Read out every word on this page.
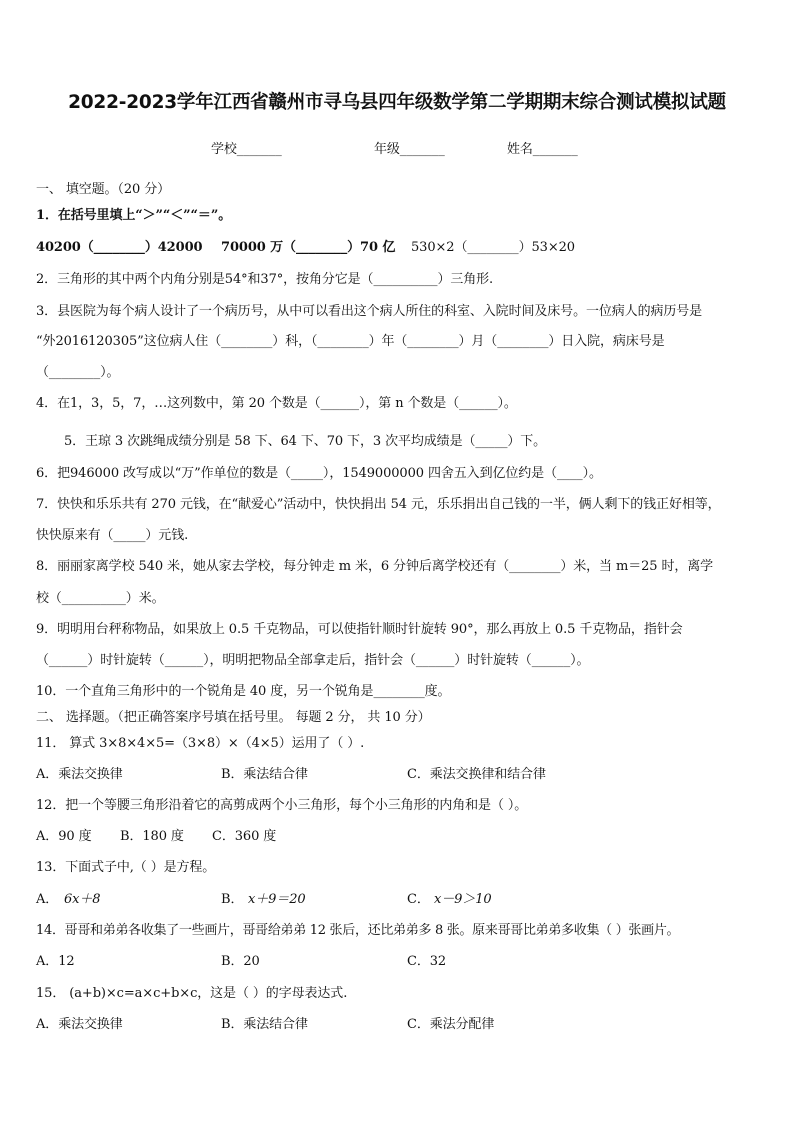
2022-2023学年江西省赣州市寻乌县四年级数学第二学期期末综合测试模拟试题
学校_______	年级_______	姓名_______
一、 填空题。（20 分）
1．在括号里填上“＞”“＜”“＝”。
40200（________）42000 70000 万（________）70 亿 530×2（________）53×20
2．三角形的其中两个内角分别是54°和37°，按角分它是（__________）三角形.
3．县医院为每个病人设计了一个病历号，从中可以看出这个病人所住的科室、入院时间及床号。一位病人的病历号是
“外2016120305”这位病人住（________）科，（________）年（________）月（________）日入院，病床号是
（________）。
4．在1，3，5，7，…这列数中，第 20 个数是（______），第 n 个数是（______）。
5．王琼 3 次跳绳成绩分别是 58 下、64 下、70 下，3 次平均成绩是（_____）下。
6．把946000 改写成以“万”作单位的数是（_____），1549000000 四舍五入到亿位约是（____）。
7．快快和乐乐共有 270 元钱，在“献爱心”活动中，快快捐出 54 元，乐乐捐出自己钱的一半，俩人剩下的钱正好相等，
快快原来有（_____）元钱.
8．丽丽家离学校 540 米，她从家去学校，每分钟走 m 米，6 分钟后离学校还有（________）米，当 m＝25 时，离学
校（__________）米。
9．明明用台秤称物品，如果放上 0.5 千克物品，可以使指针顺时针旋转 90°，那么再放上 0.5 千克物品，指针会
（______）时针旋转（______），明明把物品全部拿走后，指针会（______）时针旋转（______）。
10．一个直角三角形中的一个锐角是 40 度，另一个锐角是________度。
二、 选择题。（把正确答案序号填在括号里。 每题 2 分， 共 10 分）
11． 算式 3×8×4×5=（3×8）×（4×5）运用了（ ）.
A．乘法交换律	B．乘法结合律	C．乘法交换律和结合律
12．把一个等腰三角形沿着它的高剪成两个小三角形，每个小三角形的内角和是（ ）。
A．90 度 B．180 度 C．360 度
13．下面式子中,（ ）是方程。
A． 6x＋8	B． x＋9＝20	C． x－9＞10
14．哥哥和弟弟各收集了一些画片，哥哥给弟弟 12 张后，还比弟弟多 8 张。原来哥哥比弟弟多收集（ ）张画片。
A．12	B．20	C．32
15． (a+b)×c=a×c+b×c，这是（ ）的字母表达式.
A．乘法交换律	B．乘法结合律	C．乘法分配律
